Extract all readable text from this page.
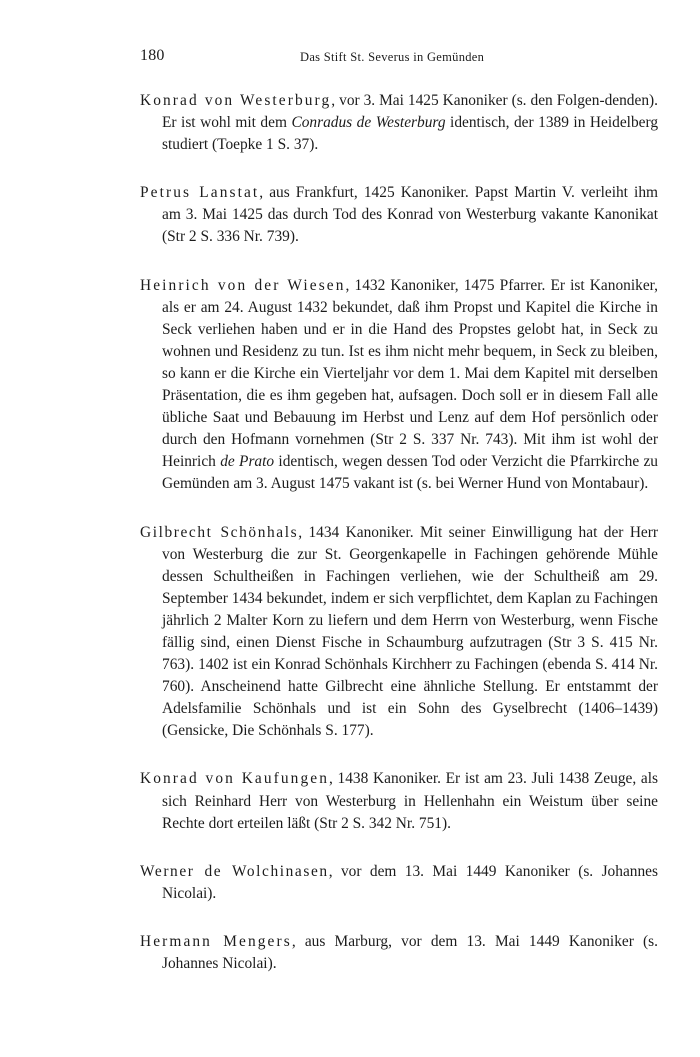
180	Das Stift St. Severus in Gemünden

Konrad von Westerburg, vor 3. Mai 1425 Kanoniker (s. den Folgen-denden). Er ist wohl mit dem Conradus de Westerburg identisch, der 1389 in Heidelberg studiert (Toepke 1 S. 37).

Petrus Lanstat, aus Frankfurt, 1425 Kanoniker. Papst Martin V. verleiht ihm am 3. Mai 1425 das durch Tod des Konrad von Westerburg vakante Kanonikat (Str 2 S. 336 Nr. 739).

Heinrich von der Wiesen, 1432 Kanoniker, 1475 Pfarrer. Er ist Kanoniker, als er am 24. August 1432 bekundet, daß ihm Propst und Kapitel die Kirche in Seck verliehen haben und er in die Hand des Propstes gelobt hat, in Seck zu wohnen und Residenz zu tun. Ist es ihm nicht mehr bequem, in Seck zu bleiben, so kann er die Kirche ein Vierteljahr vor dem 1. Mai dem Kapitel mit derselben Präsentation, die es ihm gegeben hat, aufsagen. Doch soll er in diesem Fall alle übliche Saat und Bebauung im Herbst und Lenz auf dem Hof persönlich oder durch den Hofmann vornehmen (Str 2 S. 337 Nr. 743). Mit ihm ist wohl der Heinrich de Prato identisch, wegen dessen Tod oder Verzicht die Pfarrkirche zu Gemünden am 3. August 1475 vakant ist (s. bei Werner Hund von Montabaur).

Gilbrecht Schönhals, 1434 Kanoniker. Mit seiner Einwilligung hat der Herr von Westerburg die zur St. Georgenkapelle in Fachingen gehörende Mühle dessen Schultheißen in Fachingen verliehen, wie der Schultheiß am 29. September 1434 bekundet, indem er sich verpflichtet, dem Kaplan zu Fachingen jährlich 2 Malter Korn zu liefern und dem Herrn von Westerburg, wenn Fische fällig sind, einen Dienst Fische in Schaumburg aufzutragen (Str 3 S. 415 Nr. 763). 1402 ist ein Konrad Schönhals Kirchherr zu Fachingen (ebenda S. 414 Nr. 760). Anscheinend hatte Gilbrecht eine ähnliche Stellung. Er entstammt der Adelsfamilie Schönhals und ist ein Sohn des Gyselbrecht (1406–1439) (Gensicke, Die Schönhals S. 177).

Konrad von Kaufungen, 1438 Kanoniker. Er ist am 23. Juli 1438 Zeuge, als sich Reinhard Herr von Westerburg in Hellenhahn ein Weistum über seine Rechte dort erteilen läßt (Str 2 S. 342 Nr. 751).

Werner de Wolchinasen, vor dem 13. Mai 1449 Kanoniker (s. Johannes Nicolai).

Hermann Mengers, aus Marburg, vor dem 13. Mai 1449 Kanoniker (s. Johannes Nicolai).
